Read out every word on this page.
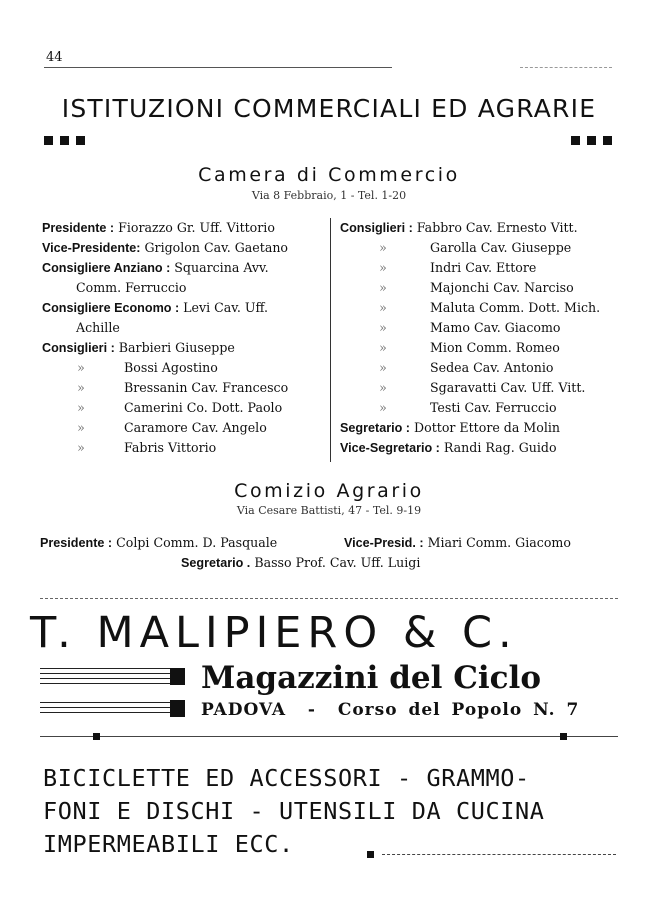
44
ISTITUZIONI COMMERCIALI ED AGRARIE
Camera di Commercio
Via 8 Febbraio, 1 - Tel. 1-20
Presidente : Fiorazzo Gr. Uff. Vittorio
Vice-Presidente: Grigolon Cav. Gaetano
Consigliere Anziano : Squarcina Avv.
Comm. Ferruccio
Consigliere Economo : Levi Cav. Uff.
Achille
Consiglieri : Barbieri Giuseppe
»	Bossi Agostino
»	Bressanin Cav. Francesco
»	Camerini Co. Dott. Paolo
»	Caramore Cav. Angelo
»	Fabris Vittorio
Consiglieri : Fabbro Cav. Ernesto Vitt.
»	Garolla Cav. Giuseppe
»	Indri Cav. Ettore
»	Majonchi Cav. Narciso
»	Maluta Comm. Dott. Mich.
»	Mamo Cav. Giacomo
»	Mion Comm. Romeo
»	Sedea Cav. Antonio
»	Sgaravatti Cav. Uff. Vitt.
»	Testi Cav. Ferruccio
Segretario : Dottor Ettore da Molin
Vice-Segretario : Randi Rag. Guido
Comizio Agrario
Via Cesare Battisti, 47 - Tel. 9-19
Presidente : Colpi Comm. D. Pasquale	Vice-Presid. : Miari Comm. Giacomo
Segretario . Basso Prof. Cav. Uff. Luigi
T. MALIPIERO & C.
Magazzini del Ciclo
PADOVA - Corso del Popolo N. 7
BICICLETTE ED ACCESSORI - GRAMMO-
FONI E DISCHI - UTENSILI DA CUCINA
IMPERMEABILI ECC.
